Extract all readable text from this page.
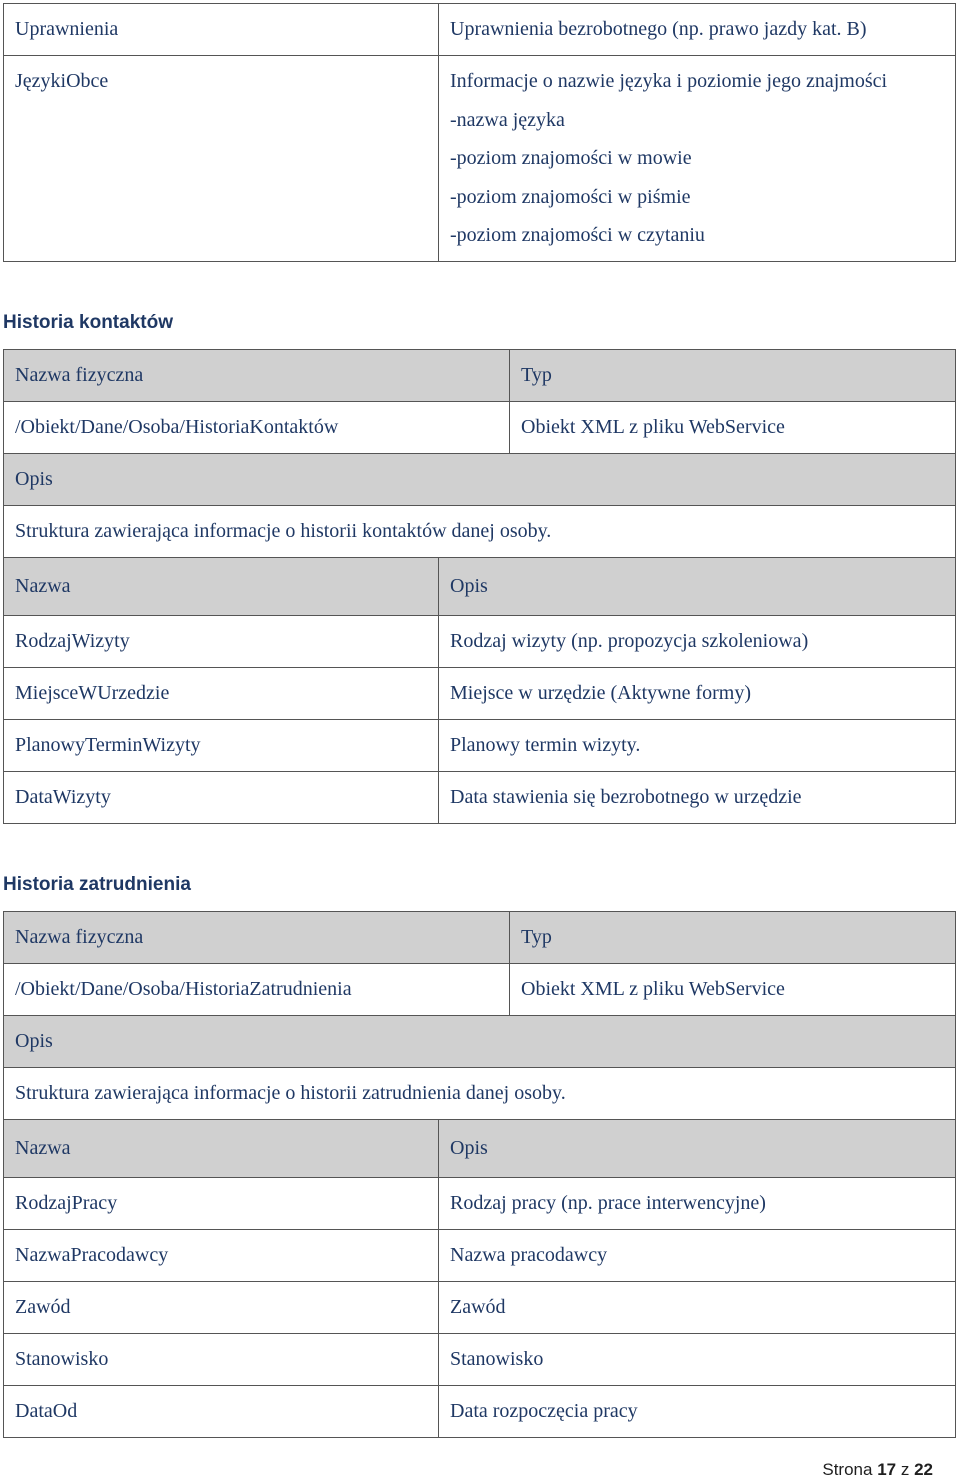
Uprawnienia	Uprawnienia bezrobotnego (np. prawo jazdy kat. B)

JęzykiObce	Informacje o nazwie języka i poziomie jego znajmości
-nazwa języka
-poziom znajomości w mowie
-poziom znajomości w piśmie
-poziom znajomości w czytaniu
Historia kontaktów
Nazwa fizyczna	Typ
/Obiekt/Dane/Osoba/HistoriaKontaktów	Obiekt XML z pliku WebService
Opis	
Struktura zawierająca informacje o historii kontaktów danej osoby.	
Nazwa	Opis
RodzajWizyty	Rodzaj wizyty (np. propozycja szkoleniowa)
MiejsceWUrzedzie	Miejsce w urzędzie (Aktywne formy)
PlanowyTerminWizyty	Planowy termin wizyty.
DataWizyty	Data stawienia się bezrobotnego w urzędzie
Historia zatrudnienia
Nazwa fizyczna	Typ
/Obiekt/Dane/Osoba/HistoriaZatrudnienia	Obiekt XML z pliku WebService
Opis	
Struktura zawierająca informacje o historii zatrudnienia danej osoby.	
Nazwa	Opis
RodzajPracy	Rodzaj pracy (np. prace interwencyjne)
NazwaPracodawcy	Nazwa pracodawcy
Zawód	Zawód
Stanowisko	Stanowisko
DataOd	Data rozpoczęcia pracy
Strona 17 z 22
